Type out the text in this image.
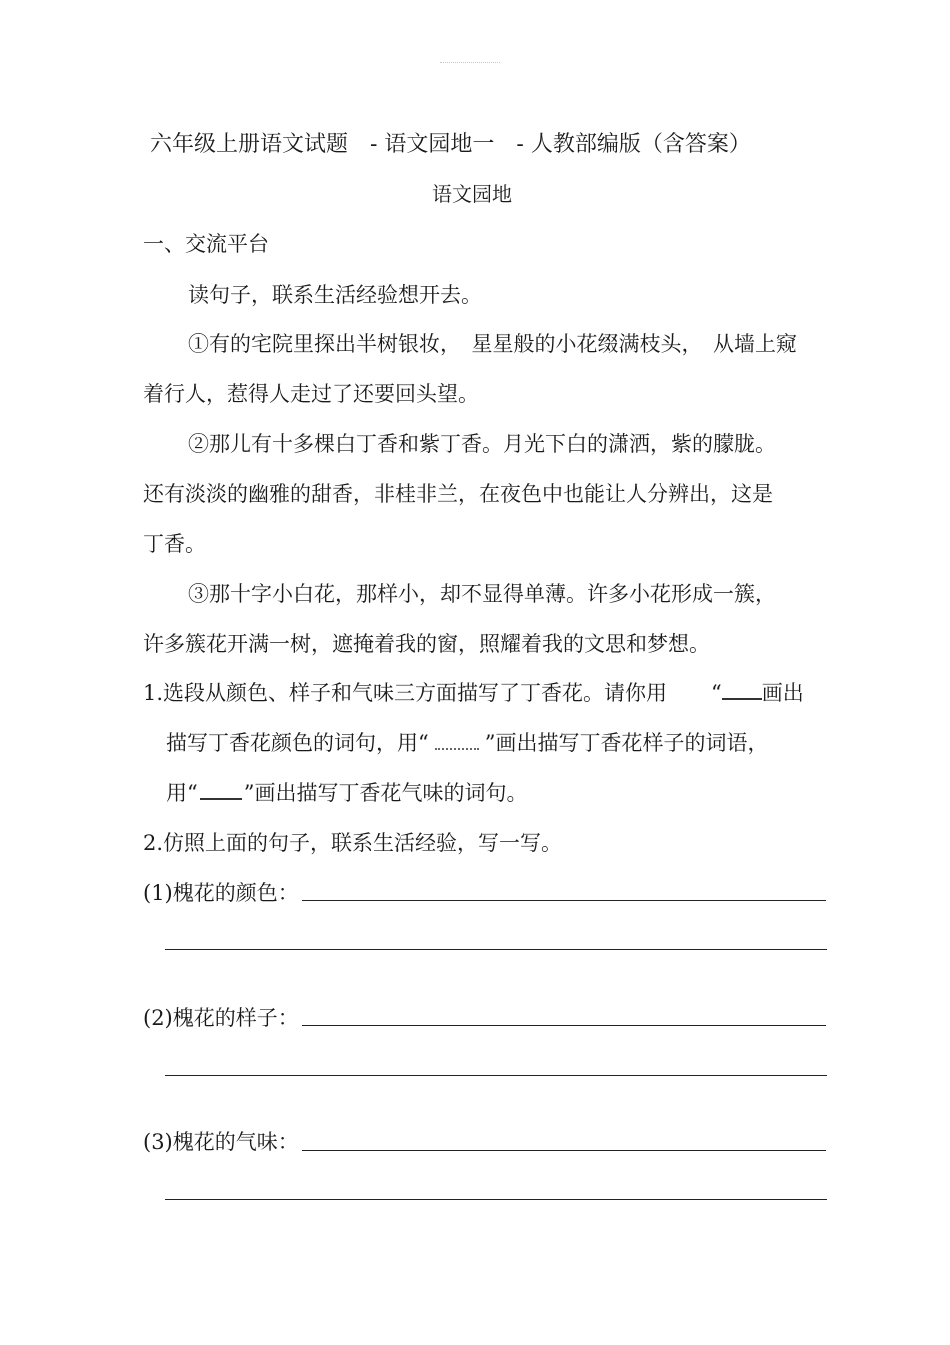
六年级上册语文试题　- 语文园地一　- 人教部编版（含答案）
语文园地
一、交流平台
读句子，联系生活经验想开去。
①有的宅院里探出半树银妆，　星星般的小花缀满枝头，　从墙上窥
着行人，惹得人走过了还要回头望。
②那儿有十多棵白丁香和紫丁香。月光下白的潇洒，紫的朦胧。
还有淡淡的幽雅的甜香，非桂非兰，在夜色中也能让人分辨出，这是
丁香。
③那十字小白花，那样小，却不显得单薄。许多小花形成一簇，
许多簇花开满一树，遮掩着我的窗，照耀着我的文思和梦想。
1.选段从颜色、样子和气味三方面描写了丁香花。请你用 “ 画出
描写丁香花颜色的词句，用“	”画出描写丁香花样子的词语，
用“ ”画出描写丁香花气味的词句。
2.仿照上面的句子，联系生活经验，写一写。
(1)槐花的颜色：
(2)槐花的样子：
(3)槐花的气味：
